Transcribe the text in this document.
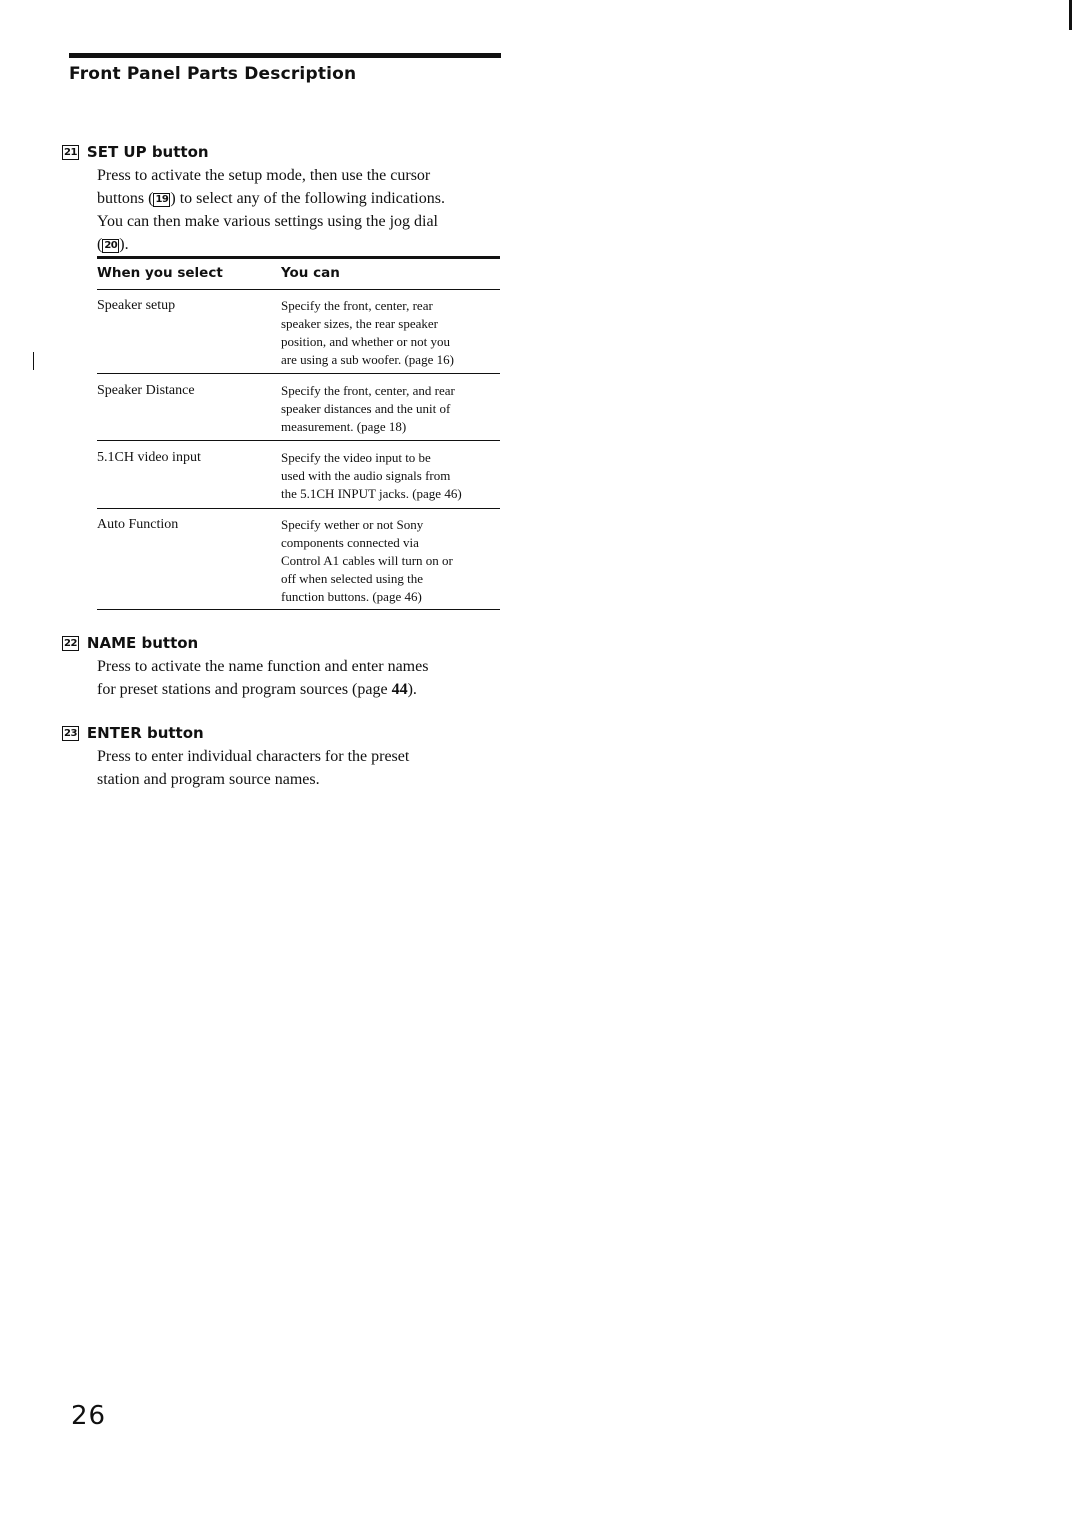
Front Panel Parts Description
21 SET UP button
Press to activate the setup mode, then use the cursor
buttons ( 19 ) to select any of the following indications.
You can then make various settings using the jog dial
( 20 ).
When you select	You can
Speaker setup	Specify the front, center, rear
speaker sizes, the rear speaker
position, and whether or not you
are using a sub woofer. (page 16)
Speaker Distance	Specify the front, center, and rear
speaker distances and the unit of
measurement. (page 18)
5.1CH video input	Specify the video input to be
used with the audio signals from
the 5.1CH INPUT jacks. (page 46)
Auto Function	Specify wether or not Sony
components connected via
Control A1 cables will turn on or
off when selected using the
function buttons. (page 46)
22 NAME button
Press to activate the name function and enter names
for preset stations and program sources (page 44).
23 ENTER button
Press to enter individual characters for the preset
station and program source names.
26
